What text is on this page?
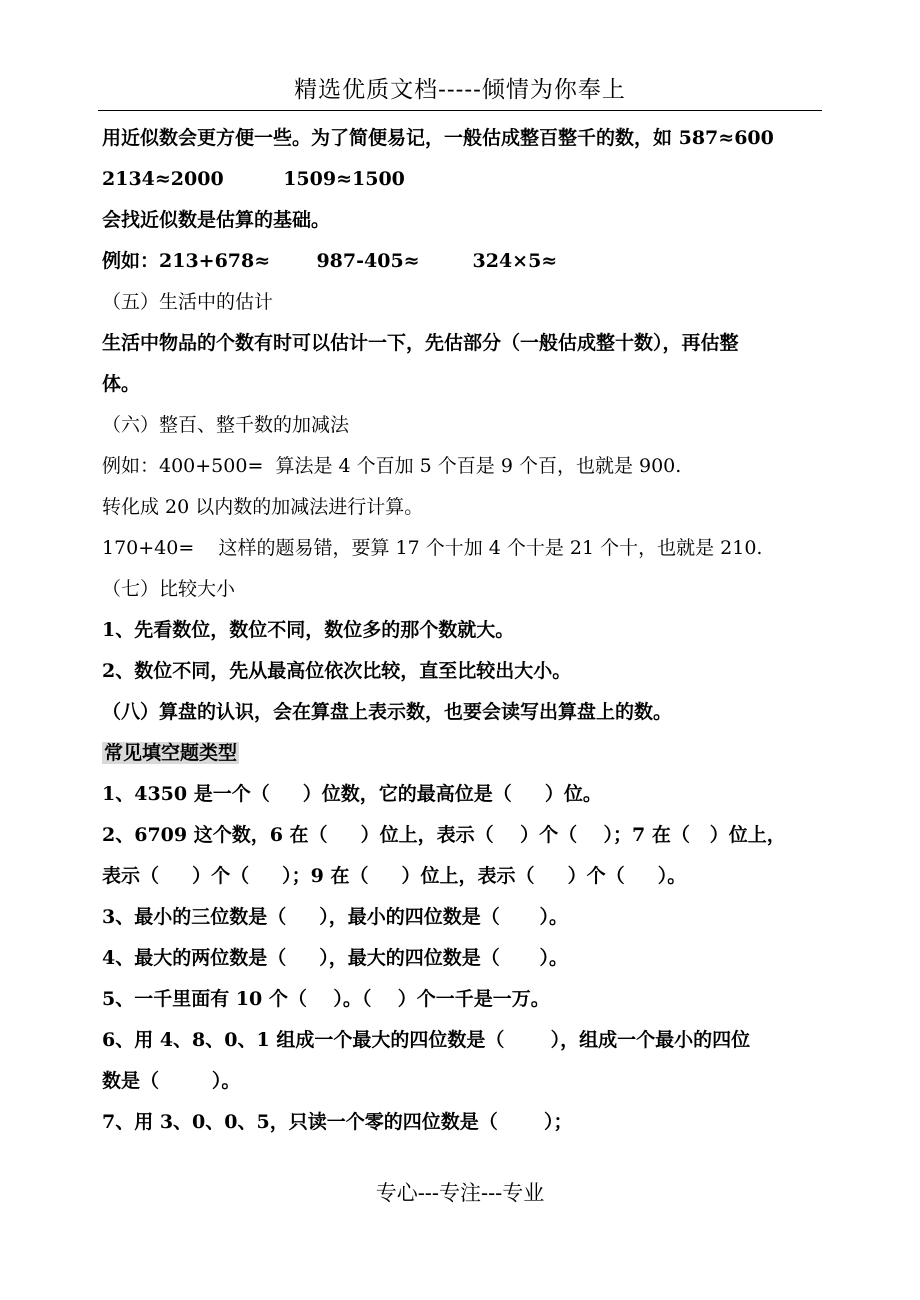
精选优质文档-----倾情为你奉上
用近似数会更方便一些。为了简便易记，一般估成整百整千的数，如 587≈600
2134≈2000         1509≈1500
会找近似数是估算的基础。
例如：213+678≈       987-405≈        324×5≈
（五）生活中的估计
生活中物品的个数有时可以估计一下，先估部分（一般估成整十数），再估整
体。
（六）整百、整千数的加减法
例如：400+500=  算法是 4 个百加 5 个百是 9 个百，也就是 900.
转化成 20 以内数的加减法进行计算。
170+40=    这样的题易错，要算 17 个十加 4 个十是 21 个十，也就是 210.
（七）比较大小
1、先看数位，数位不同，数位多的那个数就大。
2、数位不同，先从最高位依次比较，直至比较出大小。
（八）算盘的认识，会在算盘上表示数，也要会读写出算盘上的数。
常见填空题类型
1、4350 是一个（     ）位数，它的最高位是（     ）位。
2、6709 这个数，6 在（     ）位上，表示（    ）个（    ）；7 在（   ）位上，
表示（     ）个（     ）；9 在（     ）位上，表示（     ）个（     ）。
3、最小的三位数是（     ），最小的四位数是（      ）。
4、最大的两位数是（     ），最大的四位数是（      ）。
5、一千里面有 10 个（    ）。（    ）个一千是一万。
6、用 4、8、0、1 组成一个最大的四位数是（       ），组成一个最小的四位
数是（        ）。
7、用 3、0、0、5，只读一个零的四位数是（       ）；
专心---专注---专业
